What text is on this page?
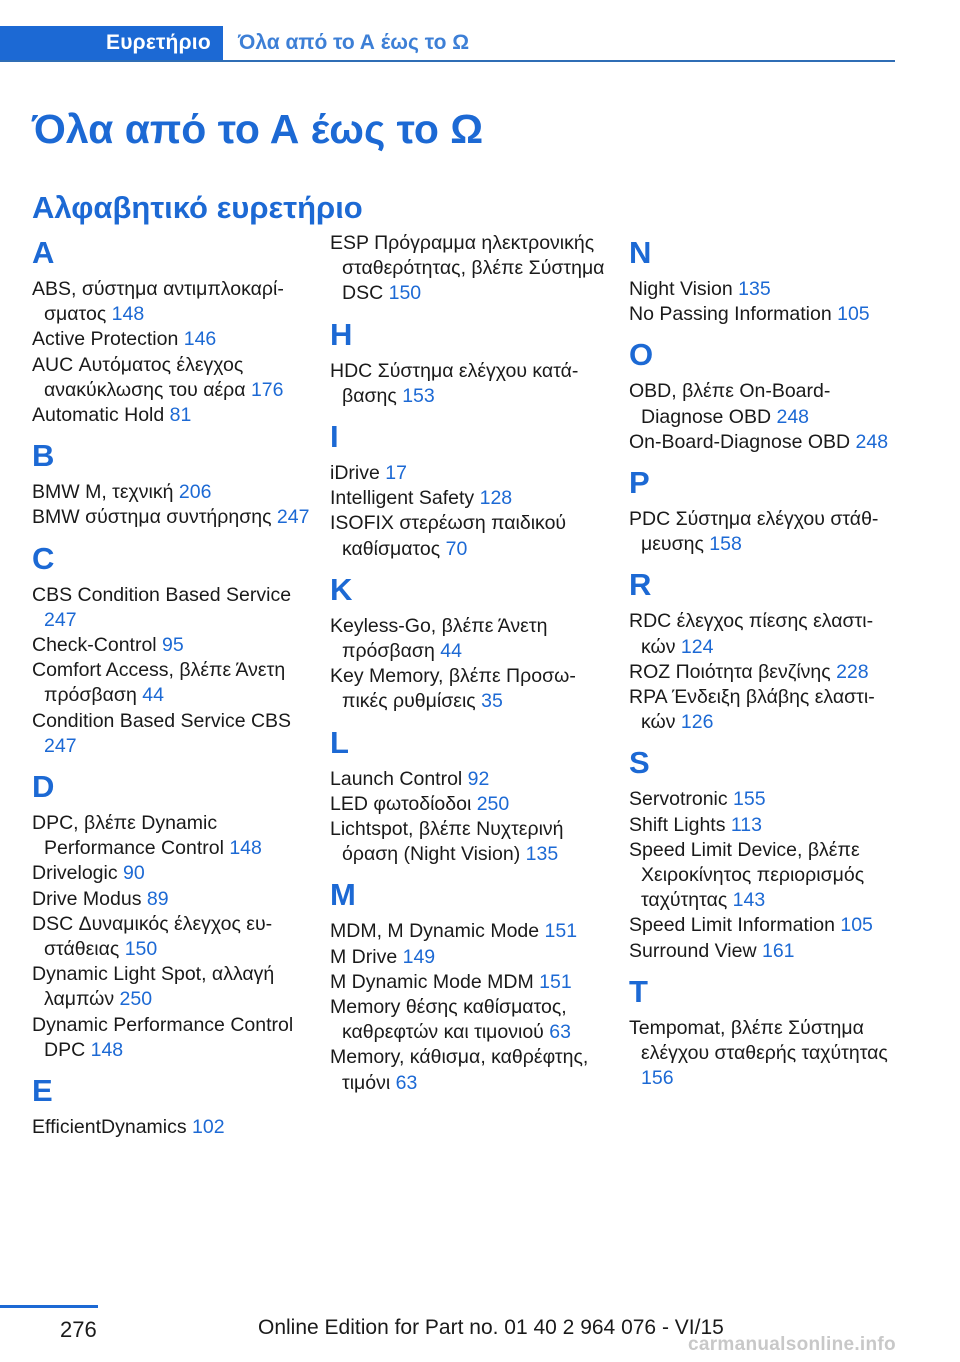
Ευρετήριο	Όλα από το Α έως το Ω
Όλα από το Α έως το Ω
Αλφαβητικό ευρετήριο
A

ABS, σύστημα αντιμπλοκαρίσματος 148

Active Protection 146

AUC Αυτόματος έλεγχος ανακύκλωσης του αέρα 176

Automatic Hold 81

B

BMW M, τεχνική 206

BMW σύστημα συντήρησης 247

C

CBS Condition Based Service 247

Check-Control 95

Comfort Access, βλέπε Άνετη πρόσβαση 44

Condition Based Service CBS 247

D

DPC, βλέπε Dynamic Performance Control 148

Drivelogic 90

Drive Modus 89

DSC Δυναμικός έλεγχος ευστάθειας 150

Dynamic Light Spot, αλλαγή λαμπών 250

Dynamic Performance Control DPC 148

E

EfficientDynamics 102

ESP Πρόγραμμα ηλεκτρονικής σταθερότητας, βλέπε Σύστημα DSC 150

H

HDC Σύστημα ελέγχου κατάβασης 153

I

iDrive 17

Intelligent Safety 128

ISOFIX στερέωση παιδικού καθίσματος 70

K

Keyless-Go, βλέπε Άνετη πρόσβαση 44

Key Memory, βλέπε Προσωπικές ρυθμίσεις 35

L

Launch Control 92

LED φωτοδίοδοι 250

Lichtspot, βλέπε Νυχτερινή όραση (Night Vision) 135

M

MDM, M Dynamic Mode 151

M Drive 149

M Dynamic Mode MDM 151

Memory θέσης καθίσματος, καθρεφτών και τιμονιού 63

Memory, κάθισμα, καθρέφτης, τιμόνι 63

N

Night Vision 135

No Passing Information 105

O

OBD, βλέπε On-Board-Diagnose OBD 248

On-Board-Diagnose OBD 248

P

PDC Σύστημα ελέγχου στάθμευσης 158

R

RDC έλεγχος πίεσης ελαστικών 124

ROZ Ποιότητα βενζίνης 228

RPA Ένδειξη βλάβης ελαστικών 126

S

Servotronic 155

Shift Lights 113

Speed Limit Device, βλέπε Χειροκίνητος περιορισμός ταχύτητας 143

Speed Limit Information 105

Surround View 161

T

Tempomat, βλέπε Σύστημα ελέγχου σταθερής ταχύτητας 156

276	Online Edition for Part no. 01 40 2 964 076 - VI/15
carmanualsonline.info
